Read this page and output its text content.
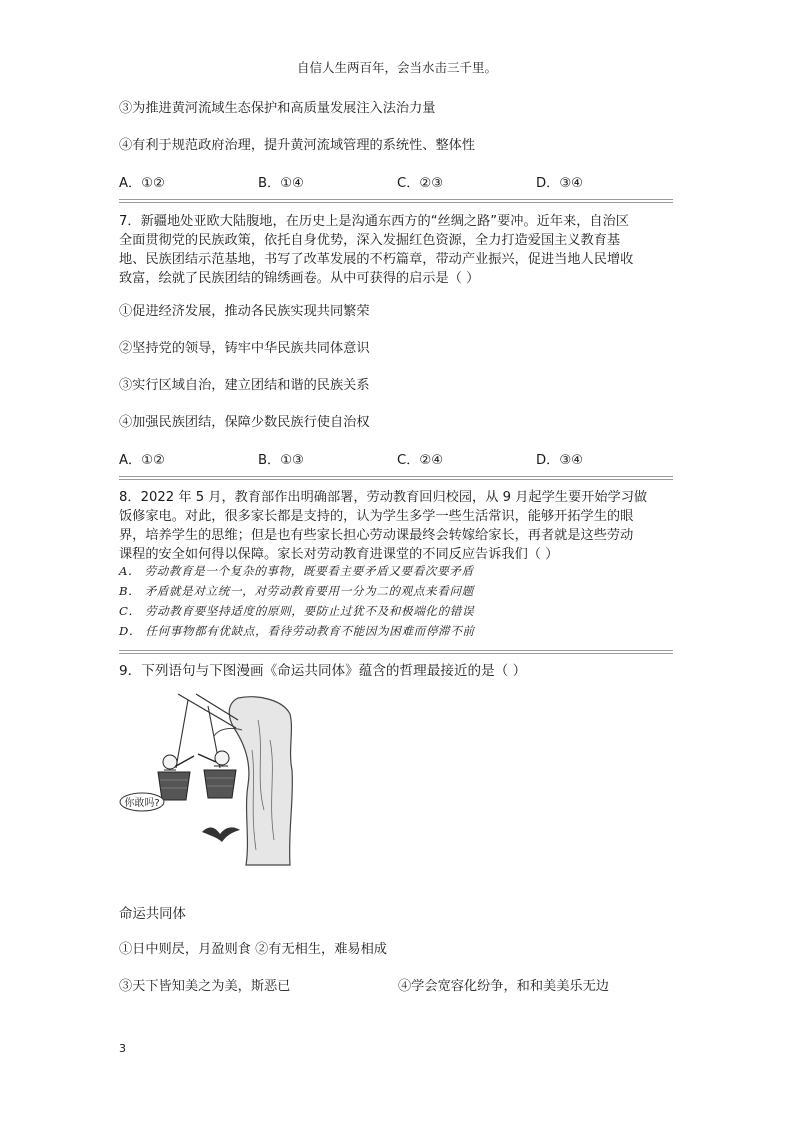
自信人生两百年，会当水击三千里。
③为推进黄河流域生态保护和高质量发展注入法治力量
④有利于规范政府治理，提升黄河流域管理的系统性、整体性
A．①②	B．①④	C．②③	D．③④
7．新疆地处亚欧大陆腹地，在历史上是沟通东西方的“丝绸之路”要冲。近年来，自治区
全面贯彻党的民族政策，依托自身优势，深入发掘红色资源，全力打造爱国主义教育基
地、民族团结示范基地，书写了改革发展的不朽篇章，带动产业振兴，促进当地人民增收
致富，绘就了民族团结的锦绣画卷。从中可获得的启示是（ ）
①促进经济发展，推动各民族实现共同繁荣
②坚持党的领导，铸牢中华民族共同体意识
③实行区域自治，建立团结和谐的民族关系
④加强民族团结，保障少数民族行使自治权
A．①②	B．①③	C．②④	D．③④
8．2022 年 5 月，教育部作出明确部署，劳动教育回归校园，从 9 月起学生要开始学习做
饭修家电。对此，很多家长都是支持的，认为学生多学一些生活常识，能够开拓学生的眼
界，培养学生的思维；但是也有些家长担心劳动课最终会转嫁给家长，再者就是这些劳动
课程的安全如何得以保障。家长对劳动教育进课堂的不同反应告诉我们（ ）
A． 劳动教育是一个复杂的事物，既要看主要矛盾又要看次要矛盾
B． 矛盾就是对立统一，对劳动教育要用一分为二的观点来看问题
C． 劳动教育要坚持适度的原则，要防止过犹不及和极端化的错误
D． 任何事物都有优缺点，看待劳动教育不能因为困难而停滞不前
9．下列语句与下图漫画《命运共同体》蕴含的哲理最接近的是（ ）
你敢吗?
命运共同体
①日中则昃，月盈则食 ②有无相生，难易相成
③天下皆知美之为美，斯恶已	④学会宽容化纷争，和和美美乐无边
3
